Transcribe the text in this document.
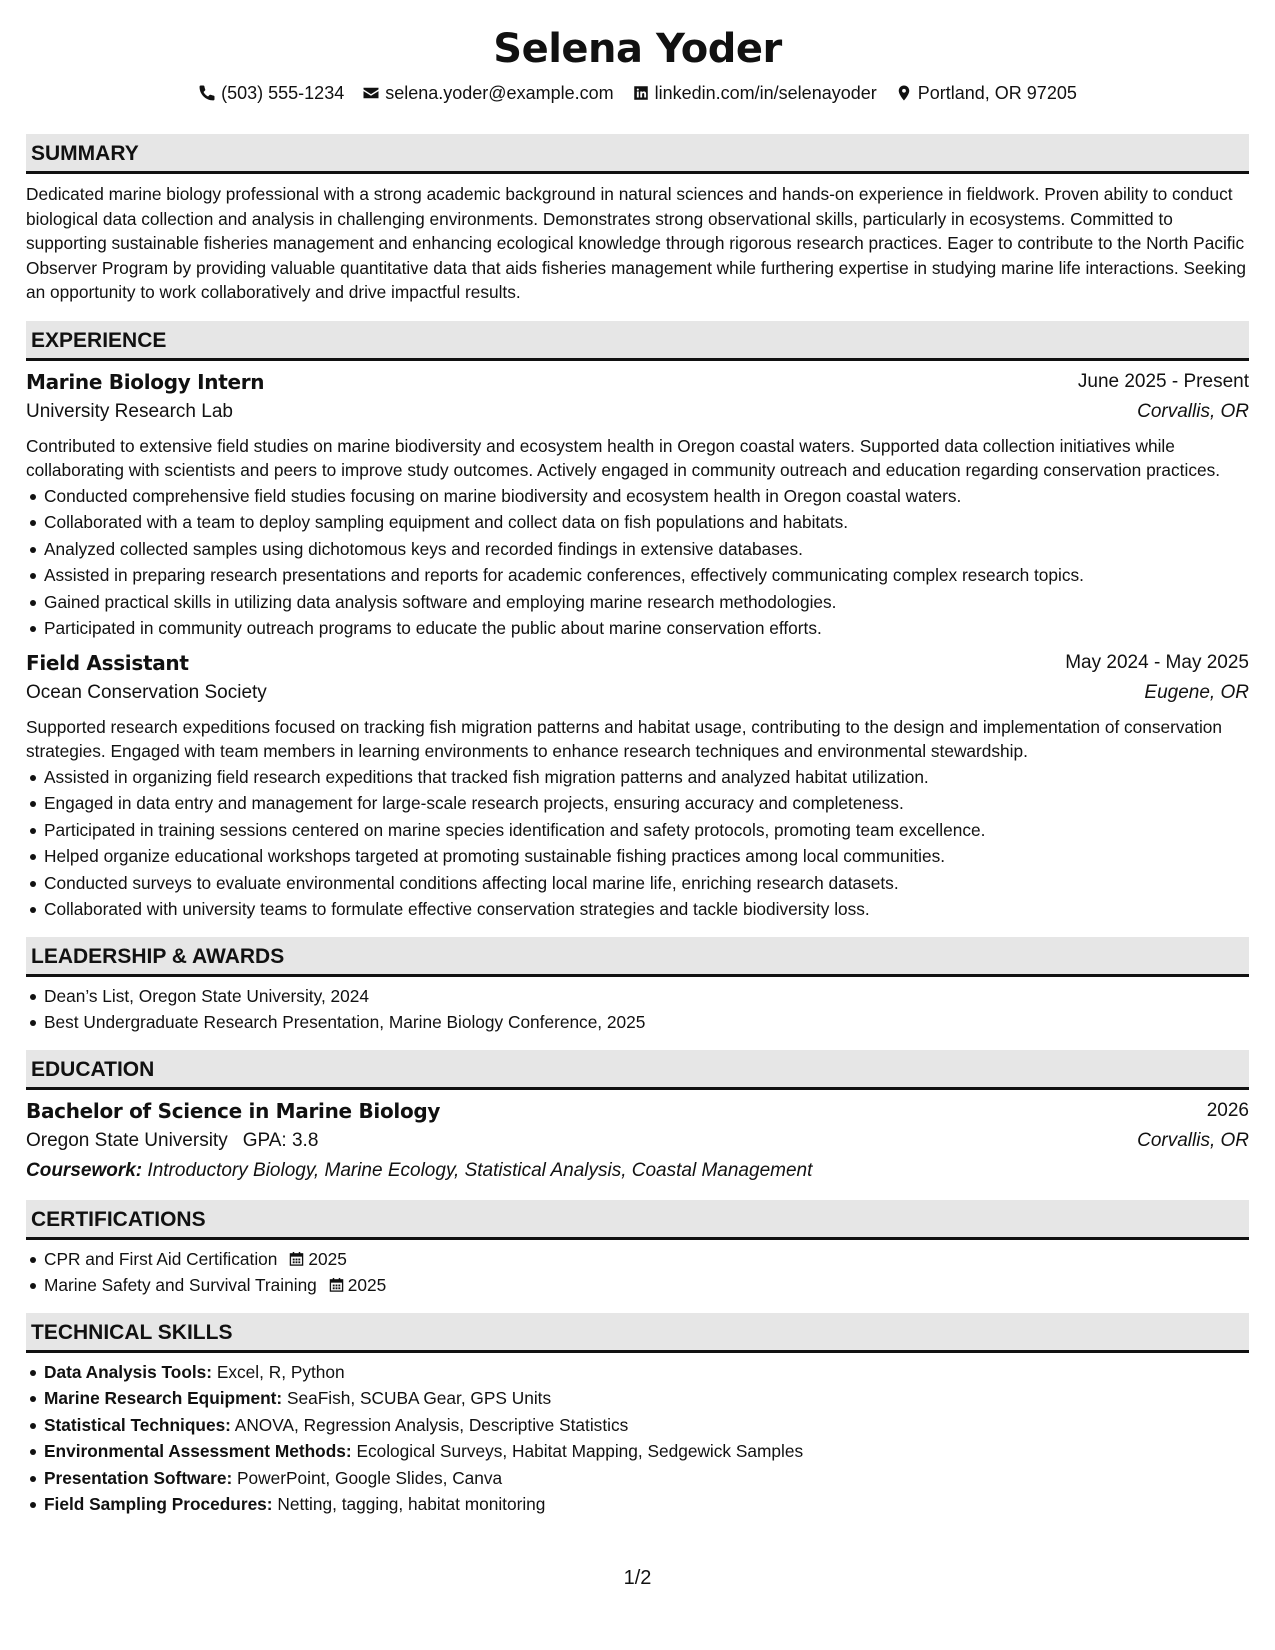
Selena Yoder
(503) 555-1234 selena.yoder@example.com linkedin.com/in/selenayoder Portland, OR 97205
SUMMARY
Dedicated marine biology professional with a strong academic background in natural sciences and hands-on experience in fieldwork. Proven ability to conduct biological data collection and analysis in challenging environments. Demonstrates strong observational skills, particularly in ecosystems. Committed to supporting sustainable fisheries management and enhancing ecological knowledge through rigorous research practices. Eager to contribute to the North Pacific Observer Program by providing valuable quantitative data that aids fisheries management while furthering expertise in studying marine life interactions. Seeking an opportunity to work collaboratively and drive impactful results.
EXPERIENCE
Marine Biology Intern	June 2025 - Present
University Research Lab	Corvallis, OR
Contributed to extensive field studies on marine biodiversity and ecosystem health in Oregon coastal waters. Supported data collection initiatives while collaborating with scientists and peers to improve study outcomes. Actively engaged in community outreach and education regarding conservation practices.
Conducted comprehensive field studies focusing on marine biodiversity and ecosystem health in Oregon coastal waters.
Collaborated with a team to deploy sampling equipment and collect data on fish populations and habitats.
Analyzed collected samples using dichotomous keys and recorded findings in extensive databases.
Assisted in preparing research presentations and reports for academic conferences, effectively communicating complex research topics.
Gained practical skills in utilizing data analysis software and employing marine research methodologies.
Participated in community outreach programs to educate the public about marine conservation efforts.
Field Assistant	May 2024 - May 2025
Ocean Conservation Society	Eugene, OR
Supported research expeditions focused on tracking fish migration patterns and habitat usage, contributing to the design and implementation of conservation strategies. Engaged with team members in learning environments to enhance research techniques and environmental stewardship.
Assisted in organizing field research expeditions that tracked fish migration patterns and analyzed habitat utilization.
Engaged in data entry and management for large-scale research projects, ensuring accuracy and completeness.
Participated in training sessions centered on marine species identification and safety protocols, promoting team excellence.
Helped organize educational workshops targeted at promoting sustainable fishing practices among local communities.
Conducted surveys to evaluate environmental conditions affecting local marine life, enriching research datasets.
Collaborated with university teams to formulate effective conservation strategies and tackle biodiversity loss.
LEADERSHIP & AWARDS
Dean’s List, Oregon State University, 2024
Best Undergraduate Research Presentation, Marine Biology Conference, 2025
EDUCATION
Bachelor of Science in Marine Biology	2026
Oregon State University GPA: 3.8	Corvallis, OR
Coursework: Introductory Biology, Marine Ecology, Statistical Analysis, Coastal Management
CERTIFICATIONS
CPR and First Aid Certification 2025
Marine Safety and Survival Training 2025
TECHNICAL SKILLS
Data Analysis Tools: Excel, R, Python
Marine Research Equipment: SeaFish, SCUBA Gear, GPS Units
Statistical Techniques: ANOVA, Regression Analysis, Descriptive Statistics
Environmental Assessment Methods: Ecological Surveys, Habitat Mapping, Sedgewick Samples
Presentation Software: PowerPoint, Google Slides, Canva
Field Sampling Procedures: Netting, tagging, habitat monitoring
1/2
